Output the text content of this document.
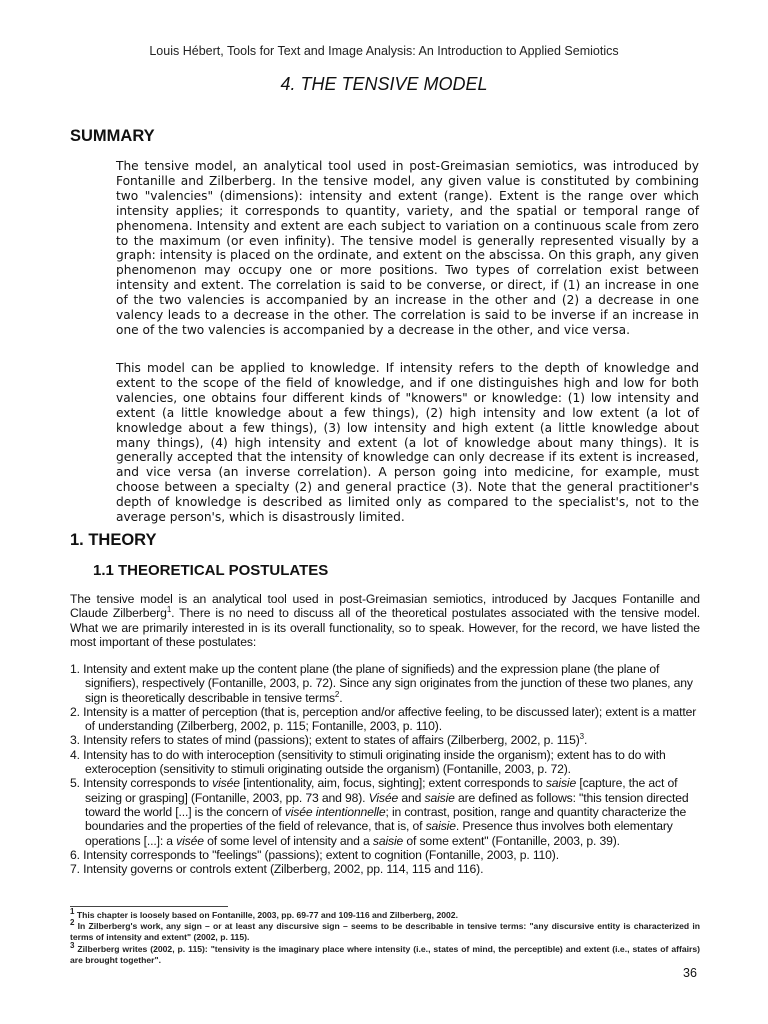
Louis Hébert, Tools for Text and Image Analysis: An Introduction to Applied Semiotics
4. THE TENSIVE MODEL
SUMMARY

The tensive model, an analytical tool used in post-Greimasian semiotics, was introduced by Fontanille and Zilberberg. In the tensive model, any given value is constituted by combining two "valencies" (dimensions): intensity and extent (range). Extent is the range over which intensity applies; it corresponds to quantity, variety, and the spatial or temporal range of phenomena. Intensity and extent are each subject to variation on a continuous scale from zero to the maximum (or even infinity). The tensive model is generally represented visually by a graph: intensity is placed on the ordinate, and extent on the abscissa. On this graph, any given phenomenon may occupy one or more positions. Two types of correlation exist between intensity and extent. The correlation is said to be converse, or direct, if (1) an increase in one of the two valencies is accompanied by an increase in the other and (2) a decrease in one valency leads to a decrease in the other. The correlation is said to be inverse if an increase in one of the two valencies is accompanied by a decrease in the other, and vice versa.

This model can be applied to knowledge. If intensity refers to the depth of knowledge and extent to the scope of the field of knowledge, and if one distinguishes high and low for both valencies, one obtains four different kinds of "knowers" or knowledge: (1) low intensity and extent (a little knowledge about a few things), (2) high intensity and low extent (a lot of knowledge about a few things), (3) low intensity and high extent (a little knowledge about many things), (4) high intensity and extent (a lot of knowledge about many things). It is generally accepted that the intensity of knowledge can only decrease if its extent is increased, and vice versa (an inverse correlation). A person going into medicine, for example, must choose between a specialty (2) and general practice (3). Note that the general practitioner's depth of knowledge is described as limited only as compared to the specialist's, not to the average person's, which is disastrously limited.

1. THEORY
1.1 THEORETICAL POSTULATES

The tensive model is an analytical tool used in post-Greimasian semiotics, introduced by Jacques Fontanille and Claude Zilberberg$^1$. There is no need to discuss all of the theoretical postulates associated with the tensive model. What we are primarily interested in is its overall functionality, so to speak. However, for the record, we have listed the most important of these postulates:

1. Intensity and extent make up the content plane (the plane of signifieds) and the expression plane (the plane of signifiers), respectively (Fontanille, 2003, p. 72). Since any sign originates from the junction of these two planes, any sign is theoretically describable in tensive terms$^2$.
2. Intensity is a matter of perception (that is, perception and/or affective feeling, to be discussed later); extent is a matter of understanding (Zilberberg, 2002, p. 115; Fontanille, 2003, p. 110).
3. Intensity refers to states of mind (passions); extent to states of affairs (Zilberberg, 2002, p. 115)$^3$.
4. Intensity has to do with interoception (sensitivity to stimuli originating inside the organism); extent has to do with exteroception (sensitivity to stimuli originating outside the organism) (Fontanille, 2003, p. 72).
5. Intensity corresponds to visée [intentionality, aim, focus, sighting]; extent corresponds to saisie [capture, the act of seizing or grasping] (Fontanille, 2003, pp. 73 and 98). Visée and saisie are defined as follows: "this tension directed toward the world [...] is the concern of visée intentionnelle; in contrast, position, range and quantity characterize the boundaries and the properties of the field of relevance, that is, of saisie. Presence thus involves both elementary operations [...]: a visée of some level of intensity and a saisie of some extent" (Fontanille, 2003, p. 39).
6. Intensity corresponds to "feelings" (passions); extent to cognition (Fontanille, 2003, p. 110).
7. Intensity governs or controls extent (Zilberberg, 2002, pp. 114, 115 and 116).

$^1$ This chapter is loosely based on Fontanille, 2003, pp. 69-77 and 109-116 and Zilberberg, 2002.

$^2$ In Zilberberg's work, any sign – or at least any discursive sign – seems to be describable in tensive terms: "any discursive entity is characterized in terms of intensity and extent" (2002, p. 115).

$^3$ Zilberberg writes (2002, p. 115): "tensivity is the imaginary place where intensity (i.e., states of mind, the perceptible) and extent (i.e., states of affairs) are brought together".

36
